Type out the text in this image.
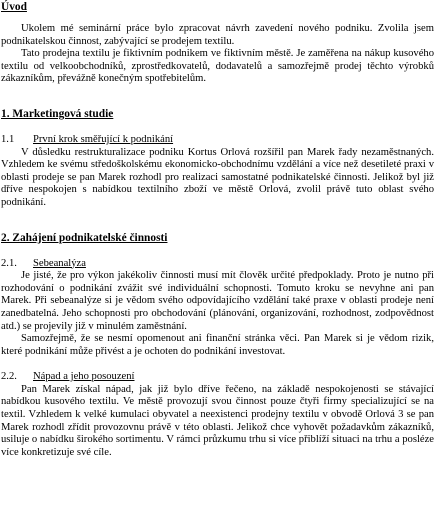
Úvod

Ukolem mé seminární práce bylo zpracovat návrh zavedení nového podniku. Zvolila jsem podnikatelskou činnost, zabývající se prodejem textilu.

Tato prodejna textilu je fiktivním podnikem ve fiktivním městě. Je zaměřena na nákup kusového textilu od velkoobchodníků, zprostředkovatelů, dodavatelů a samozřejmě prodej těchto výrobků zákazníkům, převážně konečným spotřebitelům.

1. Marketingová studie
1.1	První krok směřující k podnikání

V důsledku restrukturalizace podniku Kortus Orlová rozšířil pan Marek řady nezaměstnaných. Vzhledem ke svému středoškolskému ekonomicko-obchodnímu vzdělání a více než desetileté praxi v oblasti prodeje se pan Marek rozhodl pro realizaci samostatné podnikatelské činnosti. Jelikož byl již dříve nespokojen s nabídkou textilního zboží ve městě Orlová, zvolil právě tuto oblast svého podnikání.

2. Zahájení podnikatelské činnosti
2.1.	Sebeanalýza

Je jisté, že pro výkon jakékoliv činnosti musí mít člověk určité předpoklady. Proto je nutno při rozhodování o podnikání zvážit své individuální schopnosti. Tomuto kroku se nevyhne ani pan Marek. Při sebeanalýze si je vědom svého odpovídajícího vzdělání také praxe v oblasti prodeje není zanedbatelná. Jeho schopnosti pro obchodování (plánování, organizování, rozhodnost, zodpovědnost atd.) se projevily již v minulém zaměstnání.

Samozřejmě, že se nesmí opomenout ani finanční stránka věci. Pan Marek si je vědom rizik, které podnikání může přivést a je ochoten do podnikání investovat.

2.2.	Nápad a jeho posouzení

Pan Marek získal nápad, jak již bylo dříve řečeno, na základě nespokojenosti se stávající nabídkou kusového textilu. Ve městě provozují svou činnost pouze čtyři firmy specializující se na textil. Vzhledem k velké kumulaci obyvatel a neexistenci prodejny textilu v obvodě Orlová 3 se pan Marek rozhodl zřídit provozovnu právě v této oblasti. Jelikož chce vyhovět požadavkům zákazníků, usiluje o nabídku širokého sortimentu. V rámci průzkumu trhu si více přiblíží situaci na trhu a posléze více konkretizuje své cíle.
